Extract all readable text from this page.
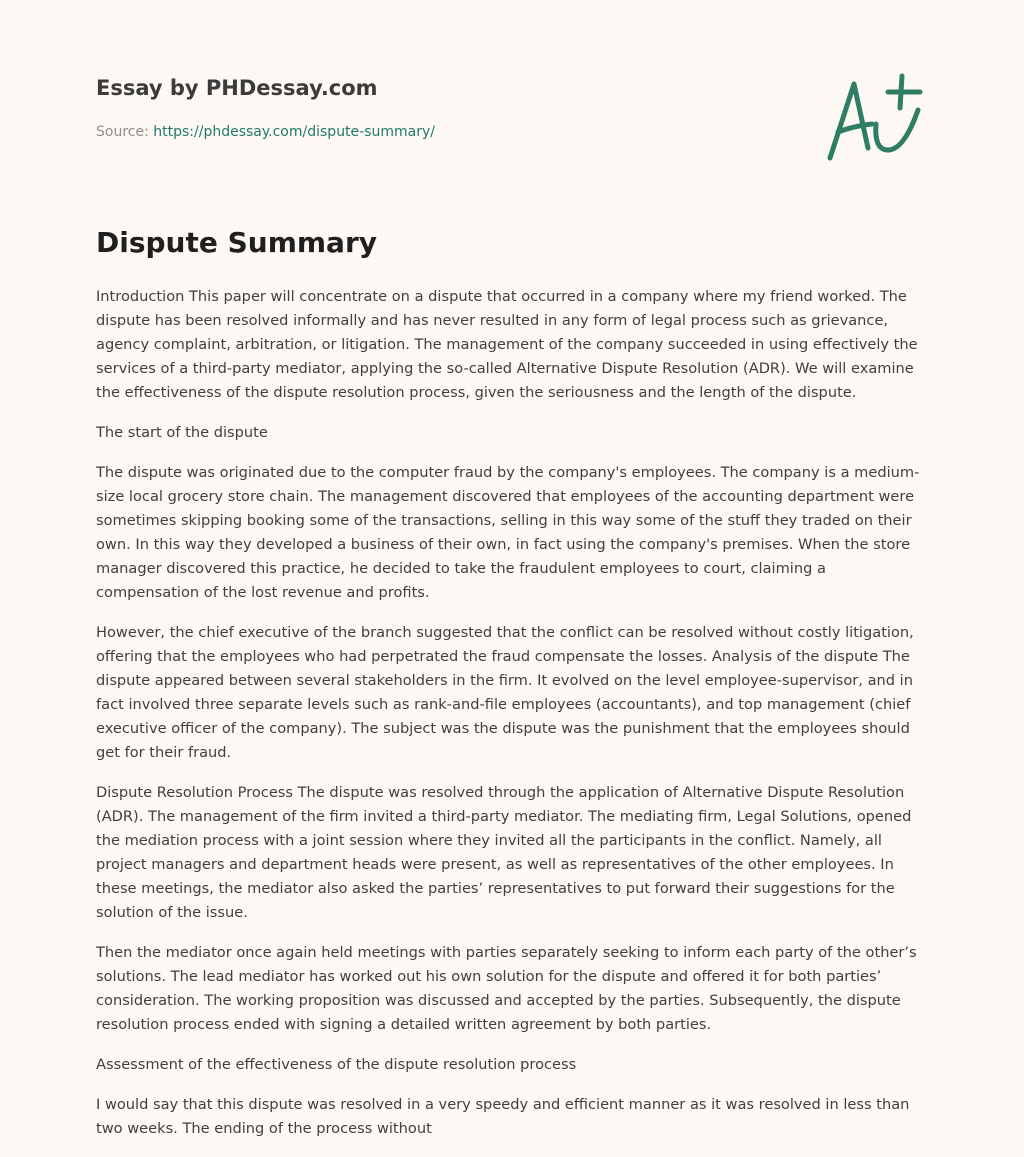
Essay by PHDessay.com
Source: https://phdessay.com/dispute-summary/
Dispute Summary

Introduction This paper will concentrate on a dispute that occurred in a company where my friend worked. The dispute has been resolved informally and has never resulted in any form of legal process such as grievance, agency complaint, arbitration, or litigation. The management of the company succeeded in using effectively the services of a third-party mediator, applying the so-called Alternative Dispute Resolution (ADR). We will examine the effectiveness of the dispute resolution process, given the seriousness and the length of the dispute.

The start of the dispute

The dispute was originated due to the computer fraud by the company's employees. The company is a medium-size local grocery store chain. The management discovered that employees of the accounting department were sometimes skipping booking some of the transactions, selling in this way some of the stuff they traded on their own. In this way they developed a business of their own, in fact using the company's premises. When the store manager discovered this practice, he decided to take the fraudulent employees to court, claiming a compensation of the lost revenue and profits.

However, the chief executive of the branch suggested that the conflict can be resolved without costly litigation, offering that the employees who had perpetrated the fraud compensate the losses. Analysis of the dispute The dispute appeared between several stakeholders in the firm. It evolved on the level employee-supervisor, and in fact involved three separate levels such as rank-and-file employees (accountants), and top management (chief executive officer of the company). The subject was the dispute was the punishment that the employees should get for their fraud.

Dispute Resolution Process The dispute was resolved through the application of Alternative Dispute Resolution (ADR). The management of the firm invited a third-party mediator. The mediating firm, Legal Solutions, opened the mediation process with a joint session where they invited all the participants in the conflict. Namely, all project managers and department heads were present, as well as representatives of the other employees. In these meetings, the mediator also asked the parties’ representatives to put forward their suggestions for the solution of the issue.

Then the mediator once again held meetings with parties separately seeking to inform each party of the other’s solutions. The lead mediator has worked out his own solution for the dispute and offered it for both parties’ consideration. The working proposition was discussed and accepted by the parties. Subsequently, the dispute resolution process ended with signing a detailed written agreement by both parties.

Assessment of the effectiveness of the dispute resolution process

I would say that this dispute was resolved in a very speedy and efficient manner as it was resolved in less than two weeks. The ending of the process without
